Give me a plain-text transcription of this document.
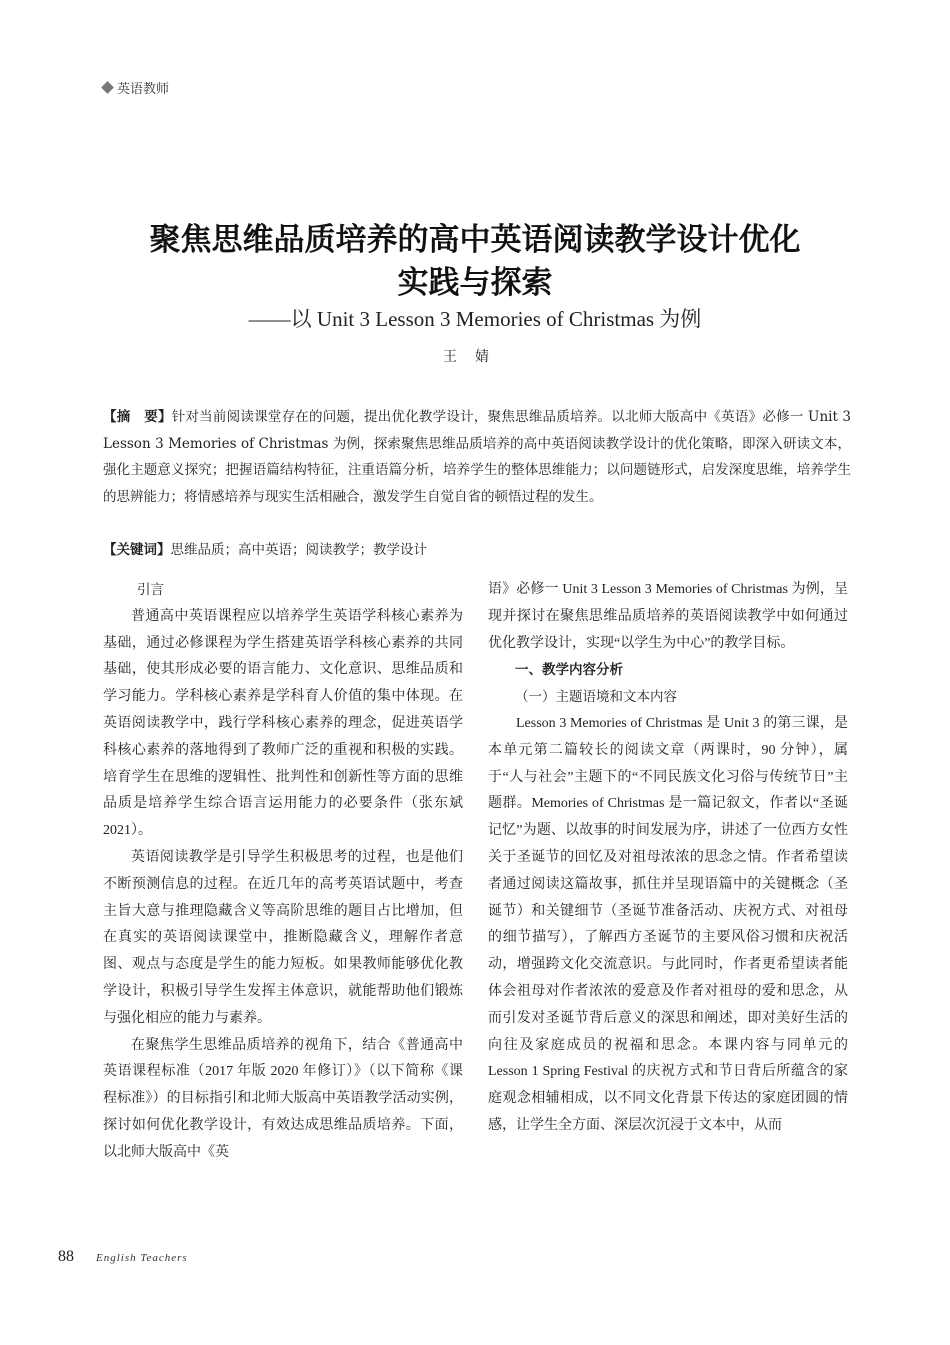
英语教师
聚焦思维品质培养的高中英语阅读教学设计优化
实践与探索
——以 Unit 3 Lesson 3 Memories of Christmas 为例
王婧
【摘　要】针对当前阅读课堂存在的问题，提出优化教学设计，聚焦思维品质培养。以北师大版高中《英语》必修一 Unit 3 Lesson 3 Memories of Christmas 为例，探索聚焦思维品质培养的高中英语阅读教学设计的优化策略，即深入研读文本，强化主题意义探究；把握语篇结构特征，注重语篇分析，培养学生的整体思维能力；以问题链形式，启发深度思维，培养学生的思辨能力；将情感培养与现实生活相融合，激发学生自觉自省的顿悟过程的发生。
【关键词】思维品质；高中英语；阅读教学；教学设计
引言

普通高中英语课程应以培养学生英语学科核心素养为基础，通过必修课程为学生搭建英语学科核心素养的共同基础，使其形成必要的语言能力、文化意识、思维品质和学习能力。学科核心素养是学科育人价值的集中体现。在英语阅读教学中，践行学科核心素养的理念，促进英语学科核心素养的落地得到了教师广泛的重视和积极的实践。培育学生在思维的逻辑性、批判性和创新性等方面的思维品质是培养学生综合语言运用能力的必要条件（张东斌 2021）。

英语阅读教学是引导学生积极思考的过程，也是他们不断预测信息的过程。在近几年的高考英语试题中，考查主旨大意与推理隐藏含义等高阶思维的题目占比增加，但在真实的英语阅读课堂中，推断隐藏含义，理解作者意图、观点与态度是学生的能力短板。如果教师能够优化教学设计，积极引导学生发挥主体意识，就能帮助他们锻炼与强化相应的能力与素养。

在聚焦学生思维品质培养的视角下，结合《普通高中英语课程标准（2017 年版 2020 年修订）》（以下简称《课程标准》）的目标指引和北师大版高中英语教学活动实例，探讨如何优化教学设计，有效达成思维品质培养。下面，以北师大版高中《英

语》必修一 Unit 3 Lesson 3 Memories of Christmas 为例，呈现并探讨在聚焦思维品质培养的英语阅读教学中如何通过优化教学设计，实现“以学生为中心”的教学目标。

一、教学内容分析
（一）主题语境和文本内容

Lesson 3 Memories of Christmas 是 Unit 3 的第三课，是本单元第二篇较长的阅读文章（两课时，90 分钟），属于“人与社会”主题下的“不同民族文化习俗与传统节日”主题群。Memories of Christmas 是一篇记叙文，作者以“圣诞记忆”为题、以故事的时间发展为序，讲述了一位西方女性关于圣诞节的回忆及对祖母浓浓的思念之情。作者希望读者通过阅读这篇故事，抓住并呈现语篇中的关键概念（圣诞节）和关键细节（圣诞节准备活动、庆祝方式、对祖母的细节描写），了解西方圣诞节的主要风俗习惯和庆祝活动，增强跨文化交流意识。与此同时，作者更希望读者能体会祖母对作者浓浓的爱意及作者对祖母的爱和思念，从而引发对圣诞节背后意义的深思和阐述，即对美好生活的向往及家庭成员的祝福和思念。本课内容与同单元的 Lesson 1 Spring Festival 的庆祝方式和节日背后所蕴含的家庭观念相辅相成，以不同文化背景下传达的家庭团圆的情感，让学生全方面、深层次沉浸于文本中，从而

88 English Teachers
